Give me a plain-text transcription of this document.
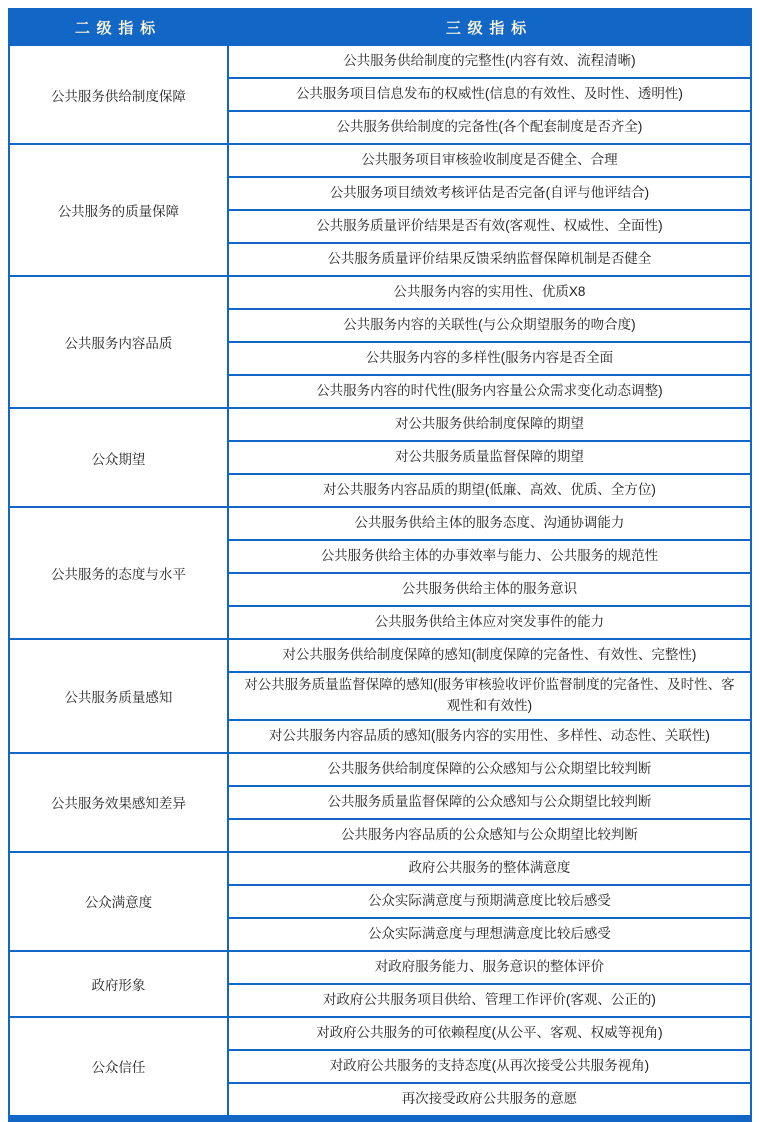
二级指标	三级指标
公共服务供给制度保障	公共服务供给制度的完整性(内容有效、流程清晰)
	公共服务项目信息发布的权威性(信息的有效性、及时性、透明性)
	公共服务供给制度的完备性(各个配套制度是否齐全)
公共服务的质量保障	公共服务项目审核验收制度是否健全、合理
	公共服务项目绩效考核评估是否完备(自评与他评结合)
	公共服务质量评价结果是否有效(客观性、权威性、全面性)
	公共服务质量评价结果反馈采纳监督保障机制是否健全
公共服务内容品质	公共服务内容的实用性、优质X8
	公共服务内容的关联性(与公众期望服务的吻合度)
	公共服务内容的多样性(服务内容是否全面
	公共服务内容的时代性(服务内容量公众需求变化动态调整)
公众期望	对公共服务供给制度保障的期望
	对公共服务质量监督保障的期望
	对公共服务内容品质的期望(低廉、高效、优质、全方位)
公共服务的态度与水平	公共服务供给主体的服务态度、沟通协调能力
	公共服务供给主体的办事效率与能力、公共服务的规范性
	公共服务供给主体的服务意识
	公共服务供给主体应对突发事件的能力
公共服务质量感知	对公共服务供给制度保障的感知(制度保障的完备性、有效性、完整性)
	对公共服务质量监督保障的感知(服务审核验收评价监督制度的完备性、及时性、客观性和有效性)
	对公共服务内容品质的感知(服务内容的实用性、多样性、动态性、关联性)
公共服务效果感知差异	公共服务供给制度保障的公众感知与公众期望比较判断
	公共服务质量监督保障的公众感知与公众期望比较判断
	公共服务内容品质的公众感知与公众期望比较判断
公众满意度	政府公共服务的整体满意度
	公众实际满意度与预期满意度比较后感受
	公众实际满意度与理想满意度比较后感受
政府形象	对政府服务能力、服务意识的整体评价
	对政府公共服务项目供给、管理工作评价(客观、公正的)
公众信任	对政府公共服务的可依赖程度(从公平、客观、权威等视角)
	对政府公共服务的支持态度(从再次接受公共服务视角)
	再次接受政府公共服务的意愿
